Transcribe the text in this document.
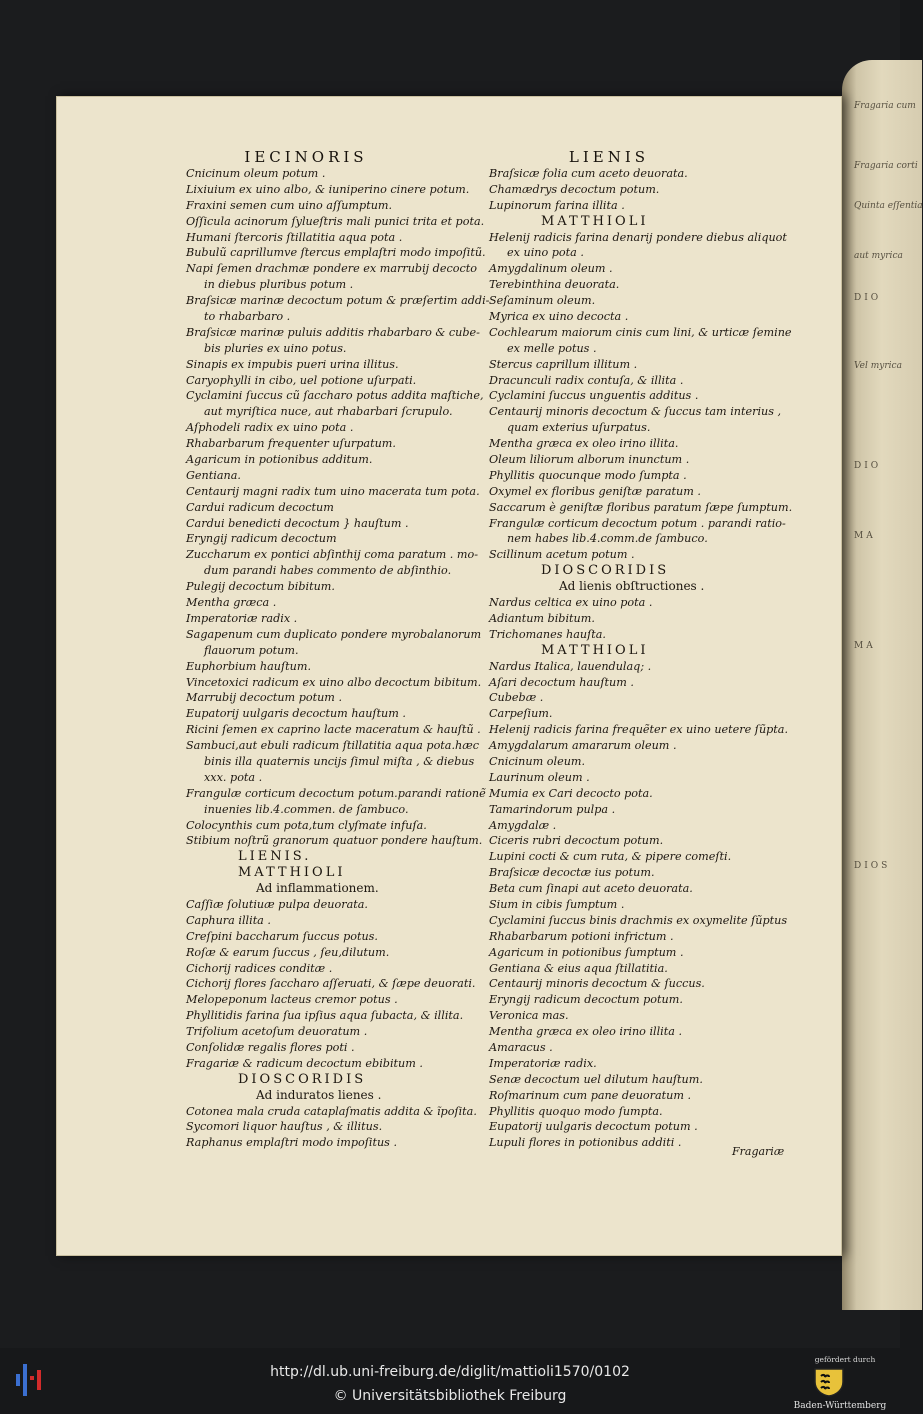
Fragaria cum
Fragaria corti
Quinta eſſentia
aut myrica
DIO
Vel myrica
DIO
MA
MA
DIOS
IECINORIS
Cnicinum oleum potum .
Lixiuium ex uino albo, & iuniperino cinere potum.
Fraxini semen cum uino aſſumptum.
Oſſicula acinorum ſylueſtris mali punici trita et pota.
Humani ſtercoris ſtillatitia aqua pota .
Bubulũ caprillumve ſtercus emplaſtri modo impoſitũ.
Napi ſemen drachmæ pondere ex marrubij decocto
in diebus pluribus potum .
Braſsicæ marinæ decoctum potum & præſertim addi-
to rhabarbaro .
Braſsicæ marinæ puluis additis rhabarbaro & cube-
bis pluries ex uino potus.
Sinapis ex impubis pueri urina illitus.
Caryophylli in cibo, uel potione uſurpati.
Cyclamini ſuccus cũ ſaccharo potus addita maſtiche,
aut myriſtica nuce, aut rhabarbari ſcrupulo.
Aſphodeli radix ex uino pota .
Rhabarbarum frequenter uſurpatum.
Agaricum in potionibus additum.
Gentiana.
Centaurij magni radix tum uino macerata tum pota.
Cardui radicum decoctum
Cardui benedicti decoctum } hauſtum .
Eryngij radicum decoctum
Zuccharum ex pontici abſinthij coma paratum . mo-
dum parandi habes commento de abſinthio.
Pulegij decoctum bibitum.
Mentha græca .
Imperatoriæ radix .
Sagapenum cum duplicato pondere myrobalanorum
flauorum potum.
Euphorbium hauſtum.
Vincetoxici radicum ex uino albo decoctum bibitum.
Marrubij decoctum potum .
Eupatorij uulgaris decoctum hauſtum .
Ricini ſemen ex caprino lacte maceratum & hauſtũ .
Sambuci,aut ebuli radicum ſtillatitia aqua pota.hæc
binis illa quaternis uncijs ſimul miſta , & diebus
xxx. pota .
Frangulæ corticum decoctum potum.parandi rationẽ
inuenies lib.4.commen. de ſambuco.
Colocynthis cum pota,tum clyſmate infuſa.
Stibium noſtrũ granorum quatuor pondere hauſtum.
LIENIS.
MATTHIOLI
Ad inflammationem.
Caſſiæ ſolutiuæ pulpa deuorata.
Caphura illita .
Creſpini baccharum ſuccus potus.
Roſæ & earum ſuccus , ſeu,dilutum.
Cichorij radices conditæ .
Cichorij flores ſaccharo aſſeruati, & ſæpe deuorati.
Melopeponum lacteus cremor potus .
Phyllitidis farina ſua ipſius aqua ſubacta, & illita.
Trifolium acetoſum deuoratum .
Conſolidæ regalis flores poti .
Fragariæ & radicum decoctum ebibitum .
DIOSCORIDIS
Ad induratos lienes .
Cotonea mala cruda cataplaſmatis addita & ĩpoſita.
Sycomori liquor hauſtus , & illitus.
Raphanus emplaſtri modo impoſitus .
LIENIS
Braſsicæ folia cum aceto deuorata.
Chamædrys decoctum potum.
Lupinorum farina illita .
MATTHIOLI
Helenij radicis farina denarij pondere diebus aliquot
ex uino pota .
Amygdalinum oleum .
Terebinthina deuorata.
Seſaminum oleum.
Myrica ex uino decocta .
Cochlearum maiorum cinis cum lini, & urticæ ſemine
ex melle potus .
Stercus caprillum illitum .
Dracunculi radix contuſa, & illita .
Cyclamini ſuccus unguentis additus .
Centaurij minoris decoctum & ſuccus tam interius ,
quam exterius uſurpatus.
Mentha græca ex oleo irino illita.
Oleum liliorum alborum inunctum .
Phyllitis quocunque modo ſumpta .
Oxymel ex floribus geniſtæ paratum .
Saccarum è geniſtæ floribus paratum ſæpe ſumptum.
Frangulæ corticum decoctum potum . parandi ratio-
nem habes lib.4.comm.de ſambuco.
Scillinum acetum potum .
DIOSCORIDIS
Ad lienis obſtructiones .
Nardus celtica ex uino pota .
Adiantum bibitum.
Trichomanes hauſta.
MATTHIOLI
Nardus Italica, lauendulaq; .
Aſari decoctum hauſtum .
Cubebæ .
Carpeſium.
Helenij radicis farina frequẽter ex uino uetere ſũpta.
Amygdalarum amararum oleum .
Cnicinum oleum.
Laurinum oleum .
Mumia ex Cari decocto pota.
Tamarindorum pulpa .
Amygdalæ .
Ciceris rubri decoctum potum.
Lupini cocti & cum ruta, & pipere comeſti.
Braſsicæ decoctæ ius potum.
Beta cum ſinapi aut aceto deuorata.
Sium in cibis ſumptum .
Cyclamini ſuccus binis drachmis ex oxymelite ſũptus
Rhabarbarum potioni infrictum .
Agaricum in potionibus ſumptum .
Gentiana & eius aqua ſtillatitia.
Centaurij minoris decoctum & ſuccus.
Eryngij radicum decoctum potum.
Veronica mas.
Mentha græca ex oleo irino illita .
Amaracus .
Imperatoriæ radix.
Senæ decoctum uel dilutum hauſtum.
Roſmarinum cum pane deuoratum .
Phyllitis quoquo modo ſumpta.
Eupatorij uulgaris decoctum potum .
Lupuli flores in potionibus additi .
Fragariæ
http://dl.ub.uni-freiburg.de/diglit/mattioli1570/0102
© Universitätsbibliothek Freiburg
gefördert durch
Baden-Württemberg
